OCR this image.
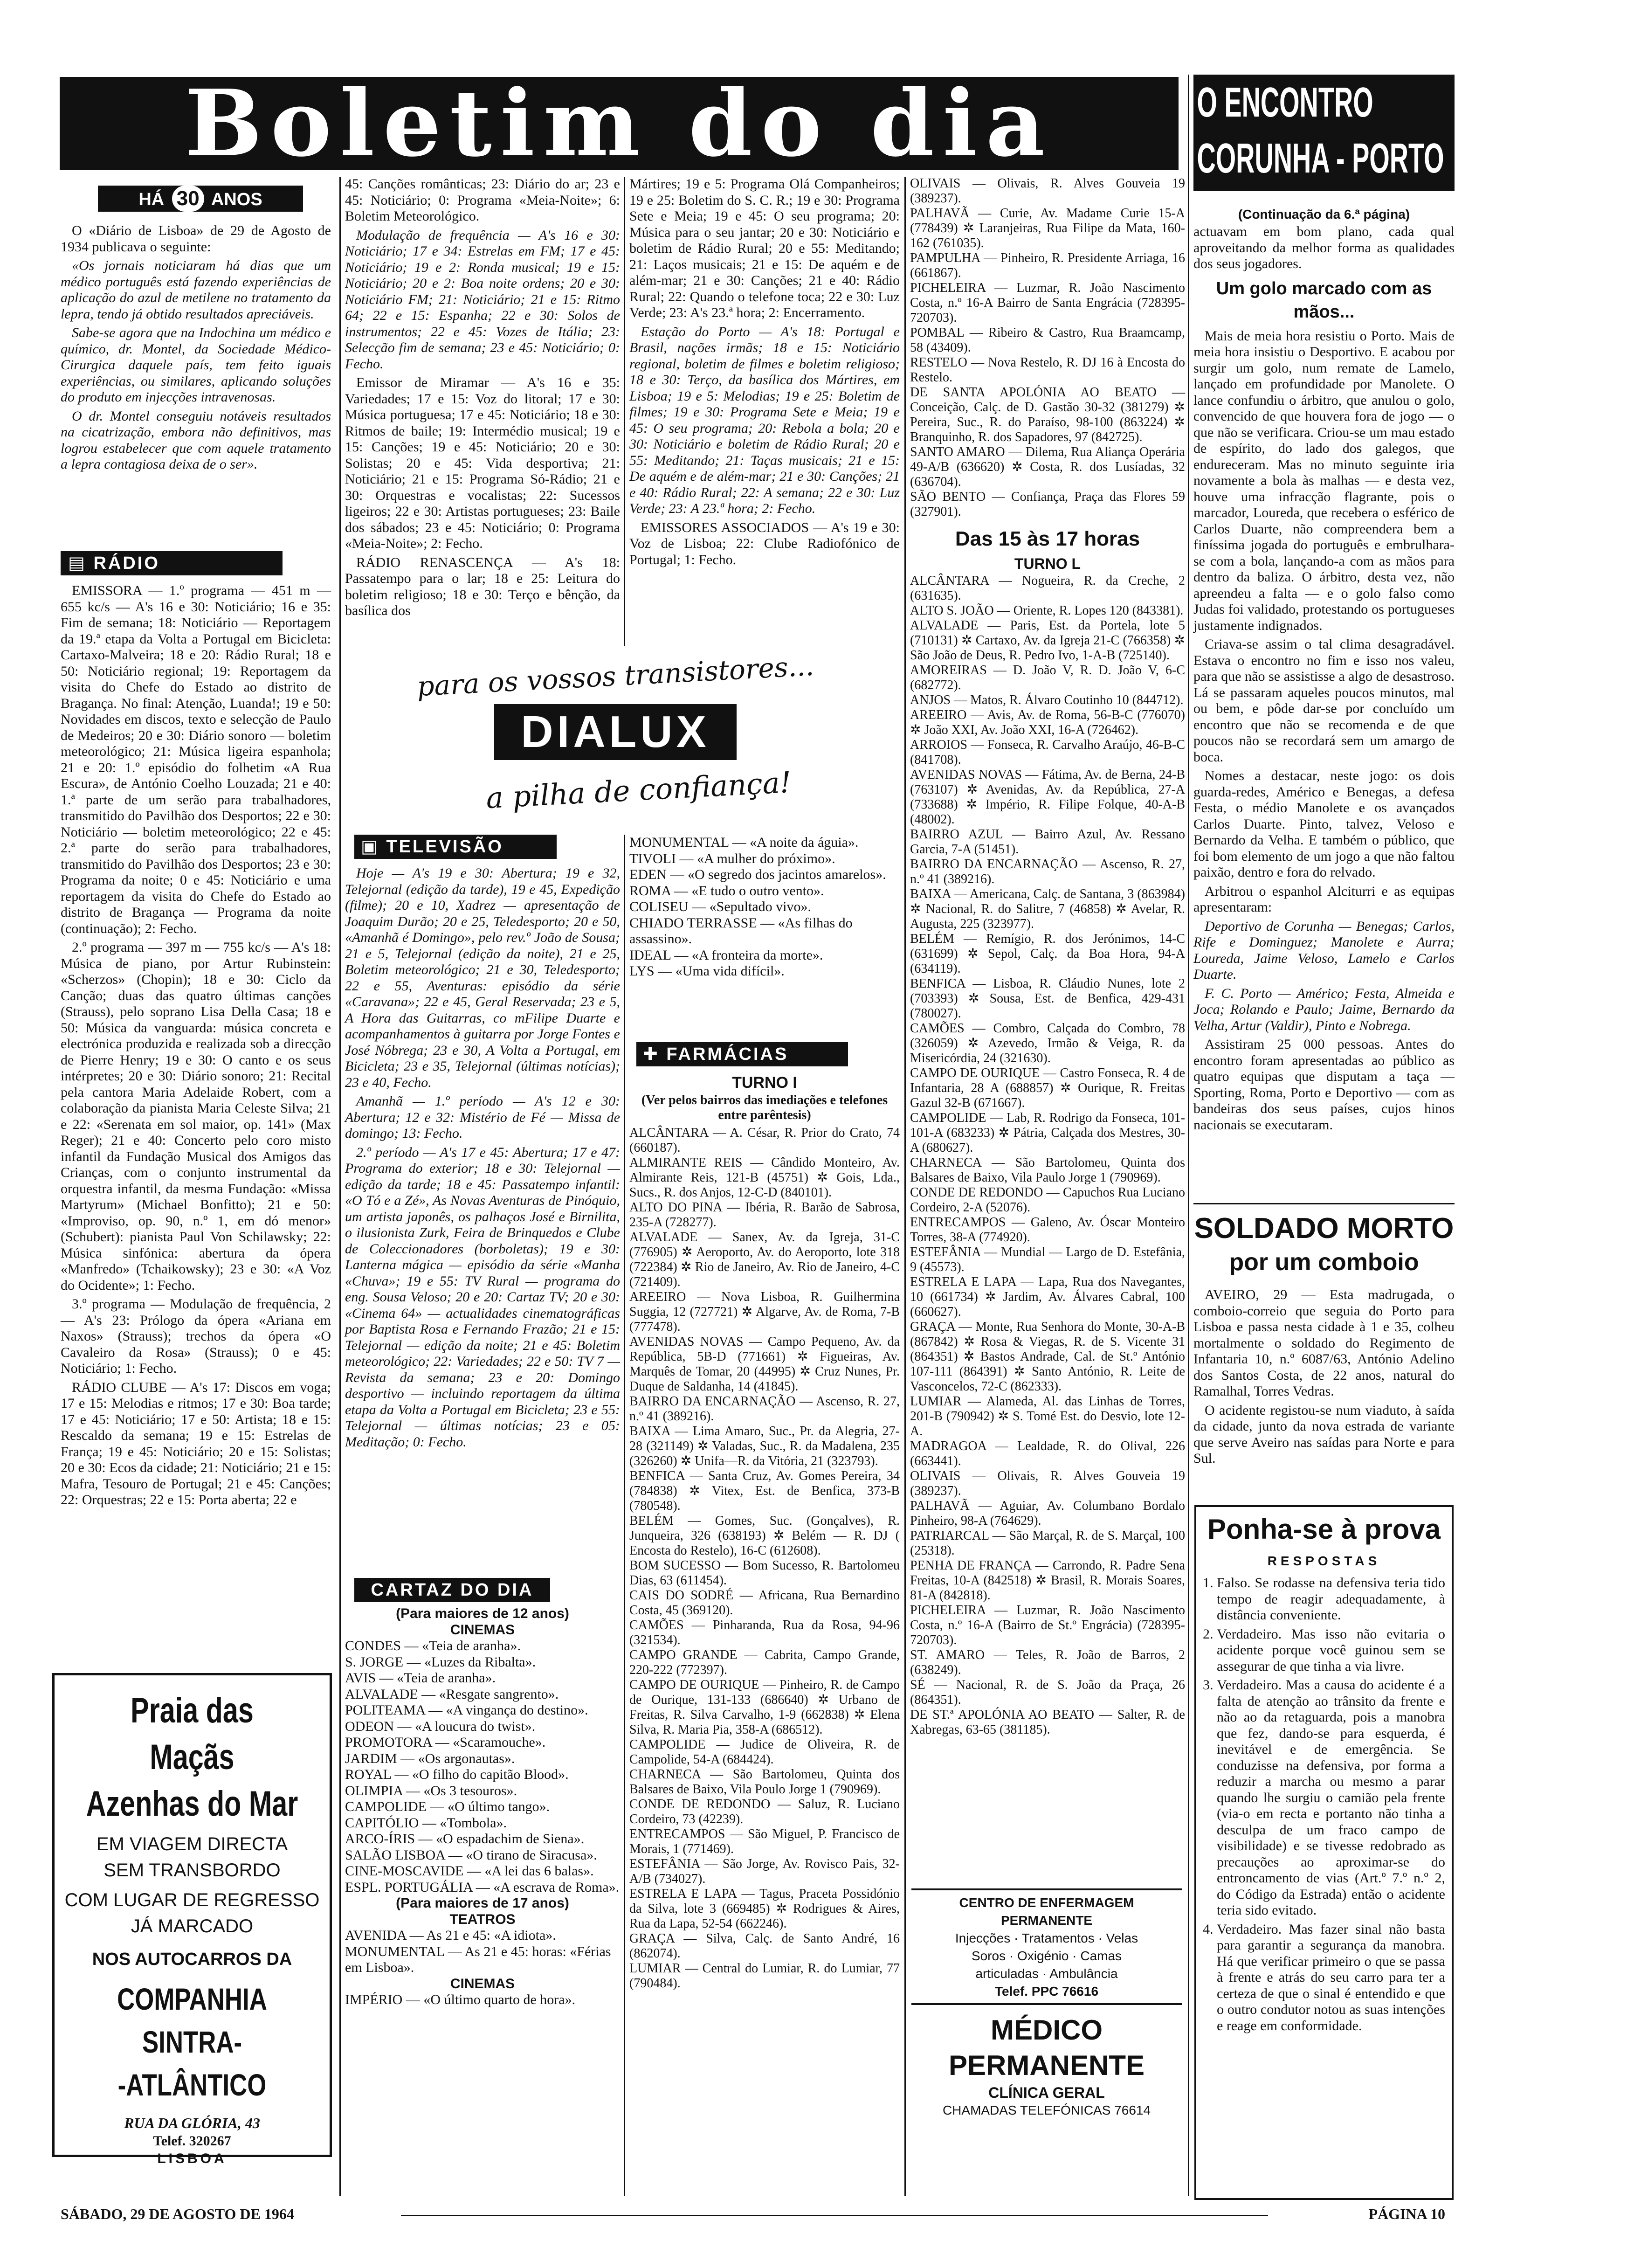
Boletim do dia
HÁ 30 ANOS

O «Diário de Lisboa» de 29 de Agosto de 1934 publicava o seguinte:

«Os jornais noticiaram há dias que um médico português está fazendo experiências de aplicação do azul de metilene no tratamento da lepra, tendo já obtido resultados apreciáveis.

Sabe-se agora que na Indochina um médico e químico, dr. Montel, da Sociedade Médico-Cirurgica daquele país, tem feito iguais experiências, ou similares, aplicando soluções do produto em injecções intravenosas.

O dr. Montel conseguiu notáveis resultados na cicatrização, embora não definitivos, mas logrou estabelecer que com aquele tratamento a lepra contagiosa deixa de o ser».

▤ RÁDIO

EMISSORA — 1.º programa — 451 m — 655 kc/s — A's 16 e 30: Noticiário; 16 e 35: Fim de semana; 18: Noticiário — Reportagem da 19.ª etapa da Volta a Portugal em Bicicleta: Cartaxo-Malveira; 18 e 20: Rádio Rural; 18 e 50: Noticiário regional; 19: Reportagem da visita do Chefe do Estado ao distrito de Bragança. No final: Atenção, Luanda!; 19 e 50: Novidades em discos, texto e selecção de Paulo de Medeiros; 20 e 30: Diário sonoro — boletim meteorológico; 21: Música ligeira espanhola; 21 e 20: 1.º episódio do folhetim «A Rua Escura», de António Coelho Louzada; 21 e 40: 1.ª parte de um serão para trabalhadores, transmitido do Pavilhão dos Desportos; 22 e 30: Noticiário — boletim meteorológico; 22 e 45: 2.ª parte do serão para trabalhadores, transmitido do Pavilhão dos Desportos; 23 e 30: Programa da noite; 0 e 45: Noticiário e uma reportagem da visita do Chefe do Estado ao distrito de Bragança — Programa da noite (continuação); 2: Fecho.

2.º programa — 397 m — 755 kc/s — A's 18: Música de piano, por Artur Rubinstein: «Scherzos» (Chopin); 18 e 30: Ciclo da Canção; duas das quatro últimas canções (Strauss), pelo soprano Lisa Della Casa; 18 e 50: Música da vanguarda: música concreta e electrónica produzida e realizada sob a direcção de Pierre Henry; 19 e 30: O canto e os seus intérpretes; 20 e 30: Diário sonoro; 21: Recital pela cantora Maria Adelaide Robert, com a colaboração da pianista Maria Celeste Silva; 21 e 22: «Serenata em sol maior, op. 141» (Max Reger); 21 e 40: Concerto pelo coro misto infantil da Fundação Musical dos Amigos das Crianças, com o conjunto instrumental da orquestra infantil, da mesma Fundação: «Missa Martyrum» (Michael Bonfitto); 21 e 50: «Improviso, op. 90, n.º 1, em dó menor» (Schubert): pianista Paul Von Schilawsky; 22: Música sinfónica: abertura da ópera «Manfredo» (Tchaikowsky); 23 e 30: «A Voz do Ocidente»; 1: Fecho.

3.º programa — Modulação de frequência, 2 — A's 23: Prólogo da ópera «Ariana em Naxos» (Strauss); trechos da ópera «O Cavaleiro da Rosa» (Strauss); 0 e 45: Noticiário; 1: Fecho.

RÁDIO CLUBE — A's 17: Discos em voga; 17 e 15: Melodias e ritmos; 17 e 30: Boa tarde; 17 e 45: Noticiário; 17 e 50: Artista; 18 e 15: Rescaldo da semana; 19 e 15: Estrelas de França; 19 e 45: Noticiário; 20 e 15: Solistas; 20 e 30: Ecos da cidade; 21: Noticiário; 21 e 15: Mafra, Tesouro de Portugal; 21 e 45: Canções; 22: Orquestras; 22 e 15: Porta aberta; 22 e

Praia das Maçãs
Azenhas do Mar
EM VIAGEM DIRECTA
SEM TRANSBORDO
COM LUGAR DE REGRESSO
JÁ MARCADO
NOS AUTOCARROS DA
COMPANHIA SINTRA-
-ATLÂNTICO
RUA DA GLÓRIA, 43
Telef. 320267
LISBOA

45: Canções românticas; 23: Diário do ar; 23 e 45: Noticiário; 0: Programa «Meia-Noite»; 6: Boletim Meteorológico.

Modulação de frequência — A's 16 e 30: Noticiário; 17 e 34: Estrelas em FM; 17 e 45: Noticiário; 19 e 2: Ronda musical; 19 e 15: Noticiário; 20 e 2: Boa noite ordens; 20 e 30: Noticiário FM; 21: Noticiário; 21 e 15: Ritmo 64; 22 e 15: Espanha; 22 e 30: Solos de instrumentos; 22 e 45: Vozes de Itália; 23: Selecção fim de semana; 23 e 45: Noticiário; 0: Fecho.

Emissor de Miramar — A's 16 e 35: Variedades; 17 e 15: Voz do litoral; 17 e 30: Música portuguesa; 17 e 45: Noticiário; 18 e 30: Ritmos de baile; 19: Intermédio musical; 19 e 15: Canções; 19 e 45: Noticiário; 20 e 30: Solistas; 20 e 45: Vida desportiva; 21: Noticiário; 21 e 15: Programa Só-Rádio; 21 e 30: Orquestras e vocalistas; 22: Sucessos ligeiros; 22 e 30: Artistas portugueses; 23: Baile dos sábados; 23 e 45: Noticiário; 0: Programa «Meia-Noite»; 2: Fecho.

RÁDIO RENASCENÇA — A's 18: Passatempo para o lar; 18 e 25: Leitura do boletim religioso; 18 e 30: Terço e bênção, da basílica dos

Mártires; 19 e 5: Programa Olá Companheiros; 19 e 25: Boletim do S. C. R.; 19 e 30: Programa Sete e Meia; 19 e 45: O seu programa; 20: Música para o seu jantar; 20 e 30: Noticiário e boletim de Rádio Rural; 20 e 55: Meditando; 21: Laços musicais; 21 e 15: De aquém e de além-mar; 21 e 30: Canções; 21 e 40: Rádio Rural; 22: Quando o telefone toca; 22 e 30: Luz Verde; 23: A's 23.ª hora; 2: Encerramento.

Estação do Porto — A's 18: Portugal e Brasil, nações irmãs; 18 e 15: Noticiário regional, boletim de filmes e boletim religioso; 18 e 30: Terço, da basílica dos Mártires, em Lisboa; 19 e 5: Melodias; 19 e 25: Boletim de filmes; 19 e 30: Programa Sete e Meia; 19 e 45: O seu programa; 20: Rebola a bola; 20 e 30: Noticiário e boletim de Rádio Rural; 20 e 55: Meditando; 21: Taças musicais; 21 e 15: De aquém e de além-mar; 21 e 30: Canções; 21 e 40: Rádio Rural; 22: A semana; 22 e 30: Luz Verde; 23: A 23.ª hora; 2: Fecho.

EMISSORES ASSOCIADOS — A's 19 e 30: Voz de Lisboa; 22: Clube Radiofónico de Portugal; 1: Fecho.

para os vossos transistores...
DIALUX
a pilha de confiança!
▣ TELEVISÃO

Hoje — A's 19 e 30: Abertura; 19 e 32, Telejornal (edição da tarde), 19 e 45, Expedição (filme); 20 e 10, Xadrez — apresentação de Joaquim Durão; 20 e 25, Teledesporto; 20 e 50, «Amanhã é Domingo», pelo rev.º João de Sousa; 21 e 5, Telejornal (edição da noite), 21 e 25, Boletim meteorológico; 21 e 30, Teledesporto; 22 e 55, Aventuras: episódio da série «Caravana»; 22 e 45, Geral Reservada; 23 e 5, A Hora das Guitarras, co mFilipe Duarte e acompanhamentos à guitarra por Jorge Fontes e José Nóbrega; 23 e 30, A Volta a Portugal, em Bicicleta; 23 e 35, Telejornal (últimas notícias); 23 e 40, Fecho.

Amanhã — 1.º período — A's 12 e 30: Abertura; 12 e 32: Mistério de Fé — Missa de domingo; 13: Fecho.

2.º período — A's 17 e 45: Abertura; 17 e 47: Programa do exterior; 18 e 30: Telejornal — edição da tarde; 18 e 45: Passatempo infantil: «O Tó e a Zé», As Novas Aventuras de Pinóquio, um artista japonês, os palhaços José e Birnilita, o ilusionista Zurk, Feira de Brinquedos e Clube de Coleccionadores (borboletas); 19 e 30: Lanterna mágica — episódio da série «Manha «Chuva»; 19 e 55: TV Rural — programa do eng. Sousa Veloso; 20 e 20: Cartaz TV; 20 e 30: «Cinema 64» — actualidades cinematográficas por Baptista Rosa e Fernando Frazão; 21 e 15: Telejornal — edição da noite; 21 e 45: Boletim meteorológico; 22: Variedades; 22 e 50: TV 7 — Revista da semana; 23 e 20: Domingo desportivo — incluindo reportagem da última etapa da Volta a Portugal em Bicicleta; 23 e 55: Telejornal — últimas notícias; 23 e 05: Meditação; 0: Fecho.

CARTAZ DO DIA
(Para maiores de 12 anos)
CINEMAS
CONDES — «Teia de aranha».
S. JORGE — «Luzes da Ribalta».
AVIS — «Teia de aranha».
ALVALADE — «Resgate sangrento».
POLITEAMA — «A vingança do destino».
ODEON — «A loucura do twist».
PROMOTORA — «Scaramouche».
JARDIM — «Os argonautas».
ROYAL — «O filho do capitão Blood».
OLIMPIA — «Os 3 tesouros».
CAMPOLIDE — «O último tango».
CAPITÓLIO — «Tombola».
ARCO-ÍRIS — «O espadachim de Siena».
SALÃO LISBOA — «O tirano de Siracusa».
CINE-MOSCAVIDE — «A lei das 6 balas».
ESPL. PORTUGÁLIA — «A escrava de Roma».
(Para maiores de 17 anos)
TEATROS
AVENIDA — As 21 e 45: «A idiota».
MONUMENTAL — As 21 e 45: horas: «Férias em Lisboa».
CINEMAS
IMPÉRIO — «O último quarto de hora».
MONUMENTAL — «A noite da águia».
TIVOLI — «A mulher do próximo».
EDEN — «O segredo dos jacintos amarelos».
ROMA — «E tudo o outro vento».
COLISEU — «Sepultado vivo».
CHIADO TERRASSE — «As filhas do assassino».
IDEAL — «A fronteira da morte».
LYS — «Uma vida difícil».
✚ FARMÁCIAS
TURNO I
(Ver pelos bairros das imediações e telefones entre parêntesis)
ALCÂNTARA — A. César, R. Prior do Crato, 74 (660187).
ALMIRANTE REIS — Cândido Monteiro, Av. Almirante Reis, 121-B (45751) ✲ Gois, Lda., Sucs., R. dos Anjos, 12-C-D (840101).
ALTO DO PINA — Ibéria, R. Barão de Sabrosa, 235-A (728277).
ALVALADE — Sanex, Av. da Igreja, 31-C (776905) ✲ Aeroporto, Av. do Aeroporto, lote 318 (722384) ✲ Rio de Janeiro, Av. Rio de Janeiro, 4-C (721409).
AREEIRO — Nova Lisboa, R. Guilhermina Suggia, 12 (727721) ✲ Algarve, Av. de Roma, 7-B (777478).
AVENIDAS NOVAS — Campo Pequeno, Av. da República, 5B-D (771661) ✲ Figueiras, Av. Marquês de Tomar, 20 (44995) ✲ Cruz Nunes, Pr. Duque de Saldanha, 14 (41845).
BAIRRO DA ENCARNAÇÃO — Ascenso, R. 27, n.º 41 (389216).
BAIXA — Lima Amaro, Suc., Pr. da Alegria, 27-28 (321149) ✲ Valadas, Suc., R. da Madalena, 235 (326260) ✲ Unifa—R. da Vitória, 21 (323793).
BENFICA — Santa Cruz, Av. Gomes Pereira, 34 (784838) ✲ Vitex, Est. de Benfica, 373-B (780548).
BELÉM — Gomes, Suc. (Gonçalves), R. Junqueira, 326 (638193) ✲ Belém — R. DJ ( Encosta do Restelo), 16-C (612608).
BOM SUCESSO — Bom Sucesso, R. Bartolomeu Dias, 63 (611454).
CAIS DO SODRÉ — Africana, Rua Bernardino Costa, 45 (369120).
CAMÕES — Pinharanda, Rua da Rosa, 94-96 (321534).
CAMPO GRANDE — Cabrita, Campo Grande, 220-222 (772397).
CAMPO DE OURIQUE — Pinheiro, R. de Campo de Ourique, 131-133 (686640) ✲ Urbano de Freitas, R. Silva Carvalho, 1-9 (662838) ✲ Elena Silva, R. Maria Pia, 358-A (686512).
CAMPOLIDE — Judice de Oliveira, R. de Campolide, 54-A (684424).
CHARNECA — São Bartolomeu, Quinta dos Balsares de Baixo, Vila Poulo Jorge 1 (790969).
CONDE DE REDONDO — Saluz, R. Luciano Cordeiro, 73 (42239).
ENTRECAMPOS — São Miguel, P. Francisco de Morais, 1 (771469).
ESTEFÂNIA — São Jorge, Av. Rovisco Pais, 32-A/B (734027).
ESTRELA E LAPA — Tagus, Praceta Possidónio da Silva, lote 3 (669485) ✲ Rodrigues & Aires, Rua da Lapa, 52-54 (662246).
GRAÇA — Silva, Calç. de Santo André, 16 (862074).
LUMIAR — Central do Lumiar, R. do Lumiar, 77 (790484).
OLIVAIS — Olivais, R. Alves Gouveia 19 (389237).
PALHAVÃ — Curie, Av. Madame Curie 15-A (778439) ✲ Laranjeiras, Rua Filipe da Mata, 160-162 (761035).
PAMPULHA — Pinheiro, R. Presidente Arriaga, 16 (661867).
PICHELEIRA — Luzmar, R. João Nascimento Costa, n.º 16-A Bairro de Santa Engrácia (728395-720703).
POMBAL — Ribeiro & Castro, Rua Braamcamp, 58 (43409).
RESTELO — Nova Restelo, R. DJ 16 à Encosta do Restelo.
DE SANTA APOLÓNIA AO BEATO — Conceição, Calç. de D. Gastão 30-32 (381279) ✲ Pereira, Suc., R. do Paraíso, 98-100 (863224) ✲ Branquinho, R. dos Sapadores, 97 (842725).
SANTO AMARO — Dilema, Rua Aliança Operária 49-A/B (636620) ✲ Costa, R. dos Lusíadas, 32 (636704).
SÃO BENTO — Confiança, Praça das Flores 59 (327901).
Das 15 às 17 horas
TURNO L
ALCÂNTARA — Nogueira, R. da Creche, 2 (631635).
ALTO S. JOÃO — Oriente, R. Lopes 120 (843381).
ALVALADE — Paris, Est. da Portela, lote 5 (710131) ✲ Cartaxo, Av. da Igreja 21-C (766358) ✲ São João de Deus, R. Pedro Ivo, 1-A-B (725140).
AMOREIRAS — D. João V, R. D. João V, 6-C (682772).
ANJOS — Matos, R. Álvaro Coutinho 10 (844712).
AREEIRO — Avis, Av. de Roma, 56-B-C (776070) ✲ João XXI, Av. João XXI, 16-A (726462).
ARROIOS — Fonseca, R. Carvalho Araújo, 46-B-C (841708).
AVENIDAS NOVAS — Fátima, Av. de Berna, 24-B (763107) ✲ Avenidas, Av. da República, 27-A (733688) ✲ Império, R. Filipe Folque, 40-A-B (48002).
BAIRRO AZUL — Bairro Azul, Av. Ressano Garcia, 7-A (51451).
BAIRRO DA ENCARNAÇÃO — Ascenso, R. 27, n.º 41 (389216).
BAIXA — Americana, Calç. de Santana, 3 (863984) ✲ Nacional, R. do Salitre, 7 (46858) ✲ Avelar, R. Augusta, 225 (323977).
BELÉM — Remígio, R. dos Jerónimos, 14-C (631699) ✲ Sepol, Calç. da Boa Hora, 94-A (634119).
BENFICA — Lisboa, R. Cláudio Nunes, lote 2 (703393) ✲ Sousa, Est. de Benfica, 429-431 (780027).
CAMÕES — Combro, Calçada do Combro, 78 (326059) ✲ Azevedo, Irmão & Veiga, R. da Misericórdia, 24 (321630).
CAMPO DE OURIQUE — Castro Fonseca, R. 4 de Infantaria, 28 A (688857) ✲ Ourique, R. Freitas Gazul 32-B (671667).
CAMPOLIDE — Lab, R. Rodrigo da Fonseca, 101-101-A (683233) ✲ Pátria, Calçada dos Mestres, 30-A (680627).
CHARNECA — São Bartolomeu, Quinta dos Balsares de Baixo, Vila Paulo Jorge 1 (790969).
CONDE DE REDONDO — Capuchos Rua Luciano Cordeiro, 2-A (52076).
ENTRECAMPOS — Galeno, Av. Óscar Monteiro Torres, 38-A (774920).
ESTEFÂNIA — Mundial — Largo de D. Estefânia, 9 (45573).
ESTRELA E LAPA — Lapa, Rua dos Navegantes, 10 (661734) ✲ Jardim, Av. Álvares Cabral, 100 (660627).
GRAÇA — Monte, Rua Senhora do Monte, 30-A-B (867842) ✲ Rosa & Viegas, R. de S. Vicente 31 (864351) ✲ Bastos Andrade, Cal. de St.º António 107-111 (864391) ✲ Santo António, R. Leite de Vasconcelos, 72-C (862333).
LUMIAR — Alameda, Al. das Linhas de Torres, 201-B (790942) ✲ S. Tomé Est. do Desvio, lote 12-A.
MADRAGOA — Lealdade, R. do Olival, 226 (663441).
OLIVAIS — Olivais, R. Alves Gouveia 19 (389237).
PALHAVÃ — Aguiar, Av. Columbano Bordalo Pinheiro, 98-A (764629).
PATRIARCAL — São Marçal, R. de S. Marçal, 100 (25318).
PENHA DE FRANÇA — Carrondo, R. Padre Sena Freitas, 10-A (842518) ✲ Brasil, R. Morais Soares, 81-A (842818).
PICHELEIRA — Luzmar, R. João Nascimento Costa, n.º 16-A (Bairro de St.º Engrácia) (728395-720703).
ST. AMARO — Teles, R. João de Barros, 2 (638249).
SÉ — Nacional, R. de S. João da Praça, 26 (864351).
DE ST.ª APOLÓNIA AO BEATO — Salter, R. de Xabregas, 63-65 (381185).
CENTRO DE ENFERMAGEM
PERMANENTE
Injecções · Tratamentos · Velas
Soros · Oxigénio · Camas
articuladas · Ambulância
Telef. PPC 76616
MÉDICO PERMANENTE
CLÍNICA GERAL
CHAMADAS TELEFÓNICAS 76614
O ENCONTRO
CORUNHA - PORTO
(Continuação da 6.ª página)

actuavam em bom plano, cada qual aproveitando da melhor forma as qualidades dos seus jogadores.

Um golo marcado com as mãos...

Mais de meia hora resistiu o Porto. Mais de meia hora insistiu o Desportivo. E acabou por surgir um golo, num remate de Lamelo, lançado em profundidade por Manolete. O lance confundiu o árbitro, que anulou o golo, convencido de que houvera fora de jogo — o que não se verificara. Criou-se um mau estado de espírito, do lado dos galegos, que endureceram. Mas no minuto seguinte iria novamente a bola às malhas — e desta vez, houve uma infracção flagrante, pois o marcador, Loureda, que recebera o esférico de Carlos Duarte, não compreendera bem a finíssima jogada do português e embrulhara-se com a bola, lançando-a com as mãos para dentro da baliza. O árbitro, desta vez, não apreendeu a falta — e o golo falso como Judas foi validado, protestando os portugueses justamente indignados.

Criava-se assim o tal clima desagradável. Estava o encontro no fim e isso nos valeu, para que não se assistisse a algo de desastroso. Lá se passaram aqueles poucos minutos, mal ou bem, e pôde dar-se por concluído um encontro que não se recomenda e de que poucos não se recordará sem um amargo de boca.

Nomes a destacar, neste jogo: os dois guarda-redes, Américo e Benegas, a defesa Festa, o médio Manolete e os avançados Carlos Duarte. Pinto, talvez, Veloso e Bernardo da Velha. E também o público, que foi bom elemento de um jogo a que não faltou paixão, dentro e fora do relvado.

Arbitrou o espanhol Alciturri e as equipas apresentaram:

Deportivo de Corunha — Benegas; Carlos, Rife e Dominguez; Manolete e Aurra; Loureda, Jaime Veloso, Lamelo e Carlos Duarte.

F. C. Porto — Américo; Festa, Almeida e Joca; Rolando e Paulo; Jaime, Bernardo da Velha, Artur (Valdir), Pinto e Nobrega.

Assistiram 25 000 pessoas. Antes do encontro foram apresentadas ao público as quatro equipas que disputam a taça — Sporting, Roma, Porto e Deportivo — com as bandeiras dos seus países, cujos hinos nacionais se executaram.

SOLDADO MORTO
por um comboio

AVEIRO, 29 — Esta madrugada, o comboio-correio que seguia do Porto para Lisboa e passa nesta cidade à 1 e 35, colheu mortalmente o soldado do Regimento de Infantaria 10, n.º 6087/63, António Adelino dos Santos Costa, de 22 anos, natural do Ramalhal, Torres Vedras.

O acidente registou-se num viaduto, à saída da cidade, junto da nova estrada de variante que serve Aveiro nas saídas para Norte e para Sul.

Ponha-se à prova
RESPOSTAS
1. Falso. Se rodasse na defensiva teria tido tempo de reagir adequadamente, à distância conveniente.
2. Verdadeiro. Mas isso não evitaria o acidente porque você guinou sem se assegurar de que tinha a via livre.
3. Verdadeiro. Mas a causa do acidente é a falta de atenção ao trânsito da frente e não ao da retaguarda, pois a manobra que fez, dando-se para esquerda, é inevitável e de emergência. Se conduzisse na defensiva, por forma a reduzir a marcha ou mesmo a parar quando lhe surgiu o camião pela frente (via-o em recta e portanto não tinha a desculpa de um fraco campo de visibilidade) e se tivesse redobrado as precauções ao aproximar-se do entroncamento de vias (Art.º 7.º n.º 2, do Código da Estrada) então o acidente teria sido evitado.
4. Verdadeiro. Mas fazer sinal não basta para garantir a segurança da manobra. Há que verificar primeiro o que se passa à frente e atrás do seu carro para ter a certeza de que o sinal é entendido e que o outro condutor notou as suas intenções e reage em conformidade.
SÁBADO, 29 DE AGOSTO DE 1964	PÁGINA 10
